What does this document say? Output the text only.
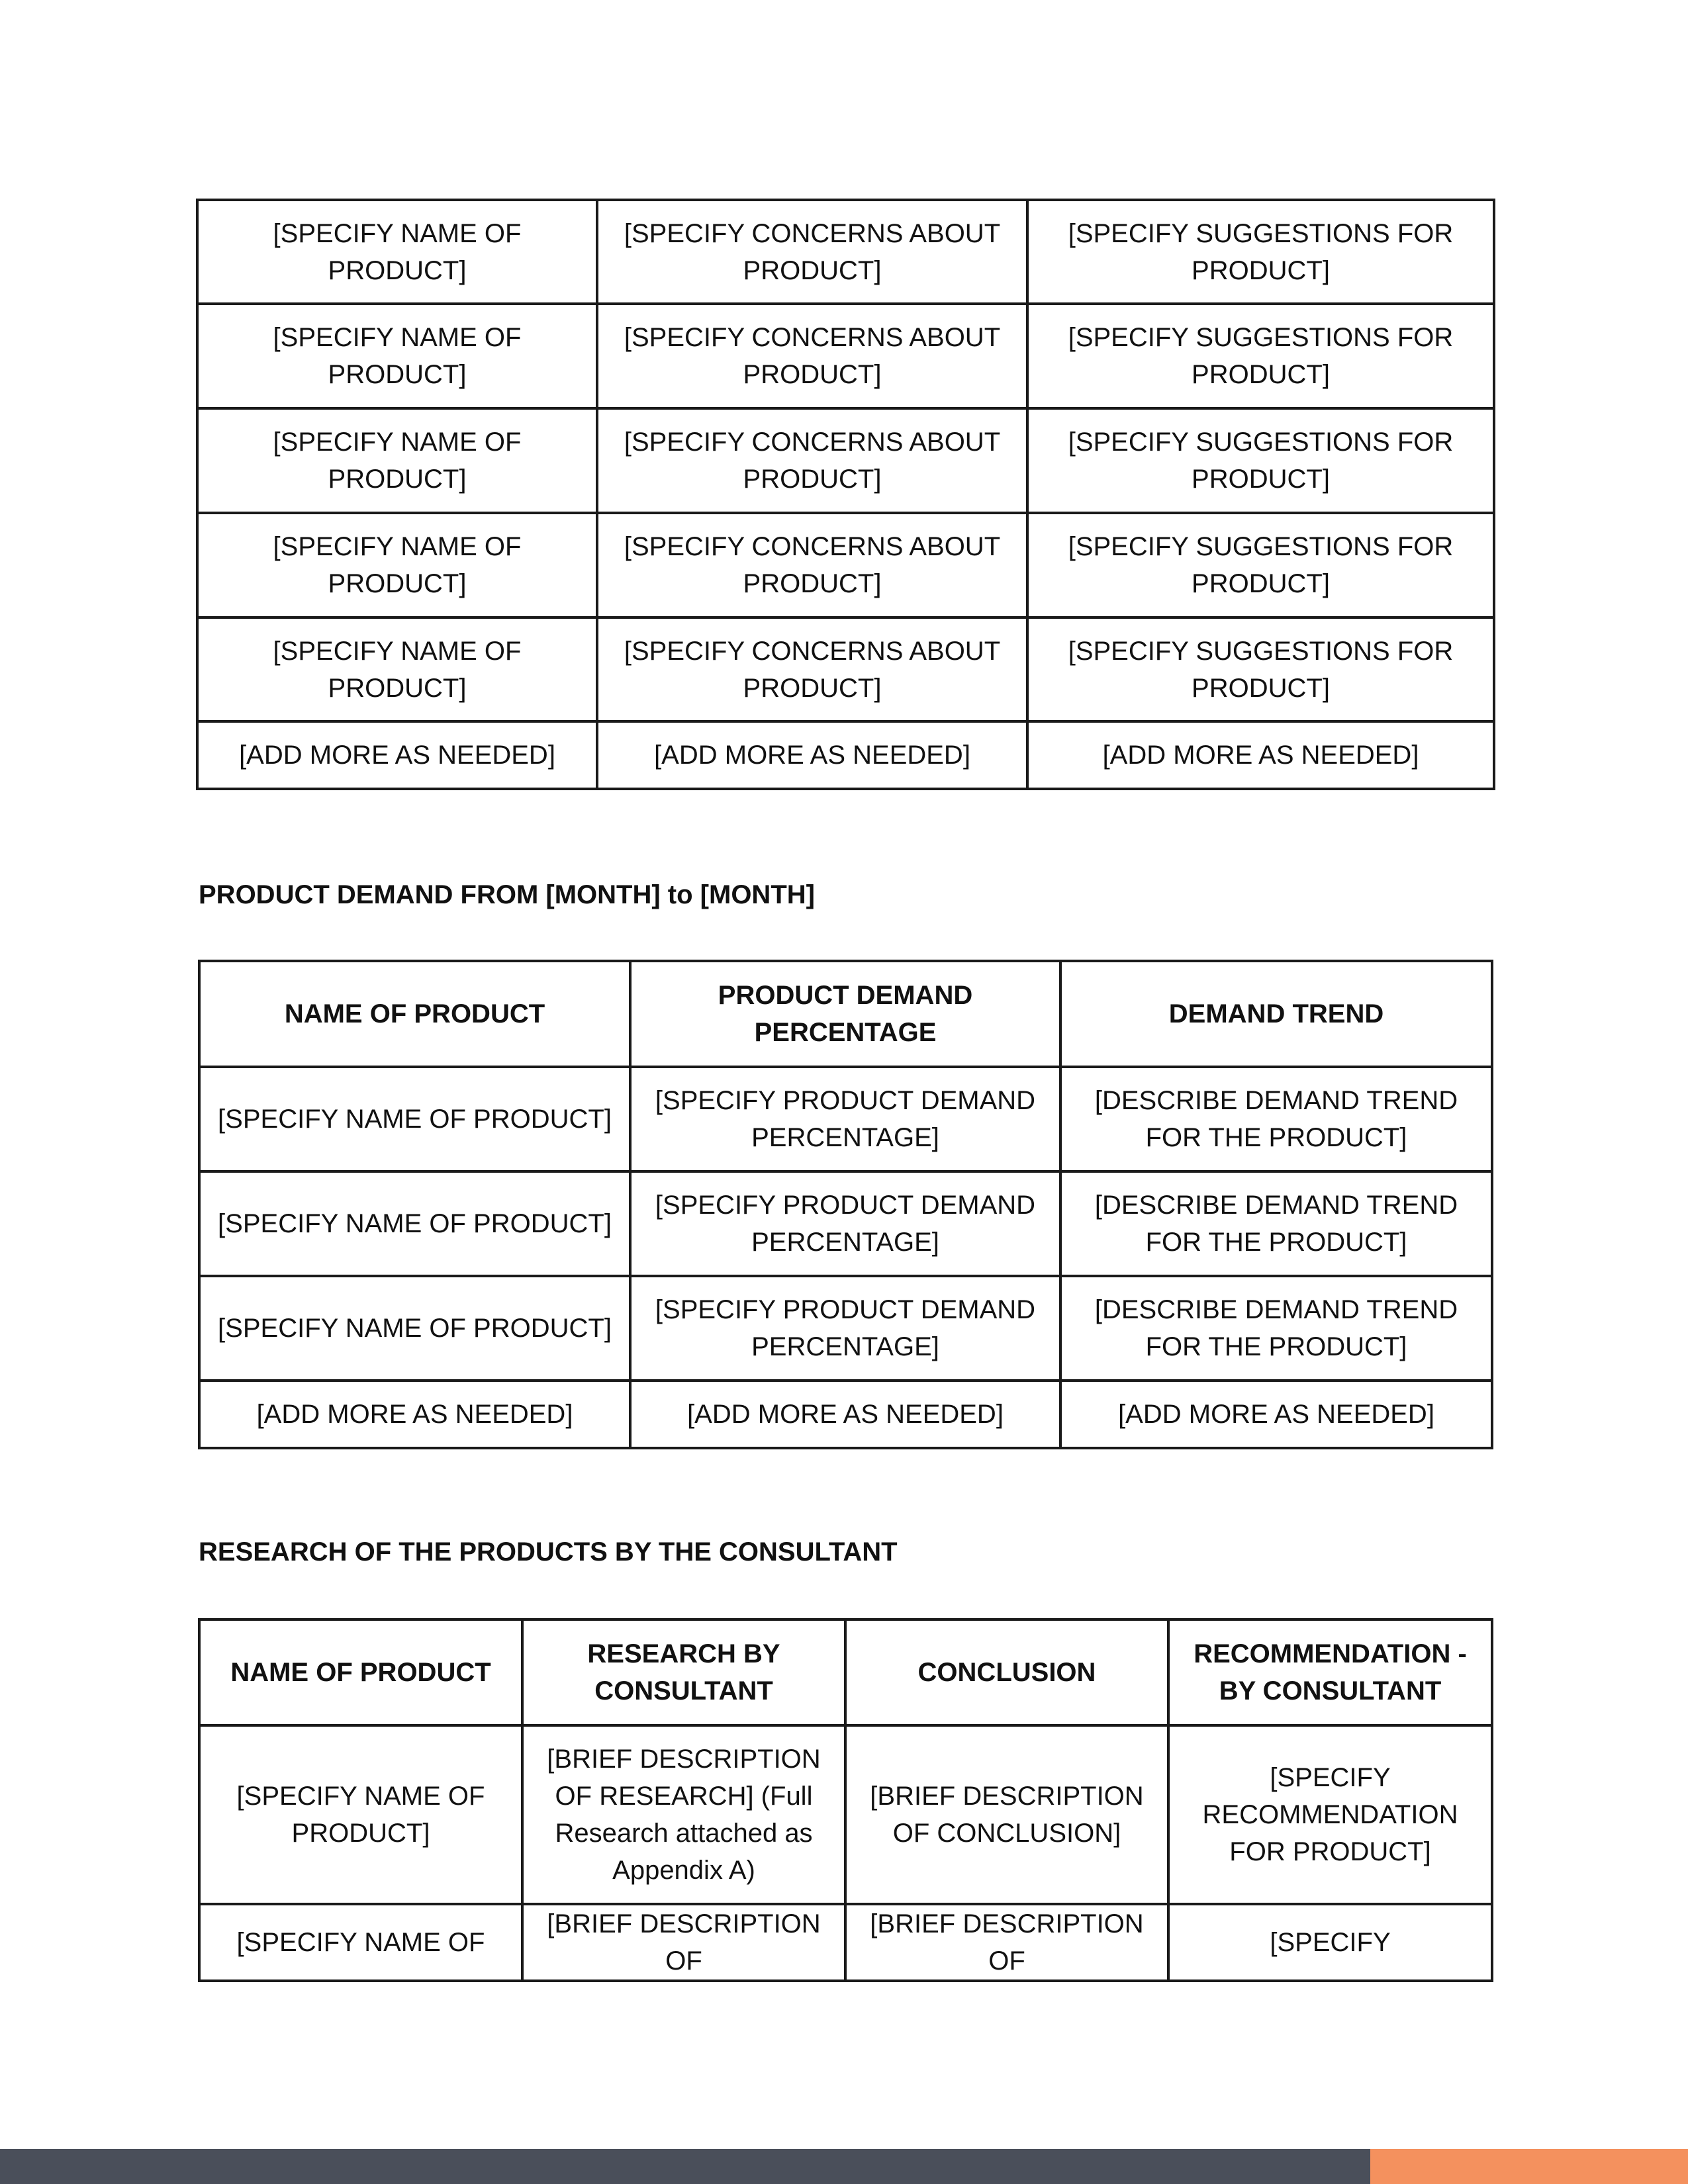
[SPECIFY NAME OF PRODUCT]	[SPECIFY CONCERNS ABOUT PRODUCT]	[SPECIFY SUGGESTIONS FOR PRODUCT]
[SPECIFY NAME OF PRODUCT]	[SPECIFY CONCERNS ABOUT PRODUCT]	[SPECIFY SUGGESTIONS FOR PRODUCT]
[SPECIFY NAME OF PRODUCT]	[SPECIFY CONCERNS ABOUT PRODUCT]	[SPECIFY SUGGESTIONS FOR PRODUCT]
[SPECIFY NAME OF PRODUCT]	[SPECIFY CONCERNS ABOUT PRODUCT]	[SPECIFY SUGGESTIONS FOR PRODUCT]
[SPECIFY NAME OF PRODUCT]	[SPECIFY CONCERNS ABOUT PRODUCT]	[SPECIFY SUGGESTIONS FOR PRODUCT]
[ADD MORE AS NEEDED]	[ADD MORE AS NEEDED]	[ADD MORE AS NEEDED]
PRODUCT DEMAND FROM [MONTH] to [MONTH]
NAME OF PRODUCT	PRODUCT DEMAND PERCENTAGE	DEMAND TREND
[SPECIFY NAME OF PRODUCT]	[SPECIFY PRODUCT DEMAND PERCENTAGE]	[DESCRIBE DEMAND TREND FOR THE PRODUCT]
[SPECIFY NAME OF PRODUCT]	[SPECIFY PRODUCT DEMAND PERCENTAGE]	[DESCRIBE DEMAND TREND FOR THE PRODUCT]
[SPECIFY NAME OF PRODUCT]	[SPECIFY PRODUCT DEMAND PERCENTAGE]	[DESCRIBE DEMAND TREND FOR THE PRODUCT]
[ADD MORE AS NEEDED]	[ADD MORE AS NEEDED]	[ADD MORE AS NEEDED]
RESEARCH OF THE PRODUCTS BY THE CONSULTANT
NAME OF PRODUCT	RESEARCH BY CONSULTANT	CONCLUSION	RECOMMENDATION - BY CONSULTANT
[SPECIFY NAME OF PRODUCT]	[BRIEF DESCRIPTION OF RESEARCH] (Full Research attached as Appendix A)	[BRIEF DESCRIPTION OF CONCLUSION]	[SPECIFY RECOMMENDATION FOR PRODUCT]
[SPECIFY NAME OF	[BRIEF DESCRIPTION OF	[BRIEF DESCRIPTION OF	[SPECIFY
